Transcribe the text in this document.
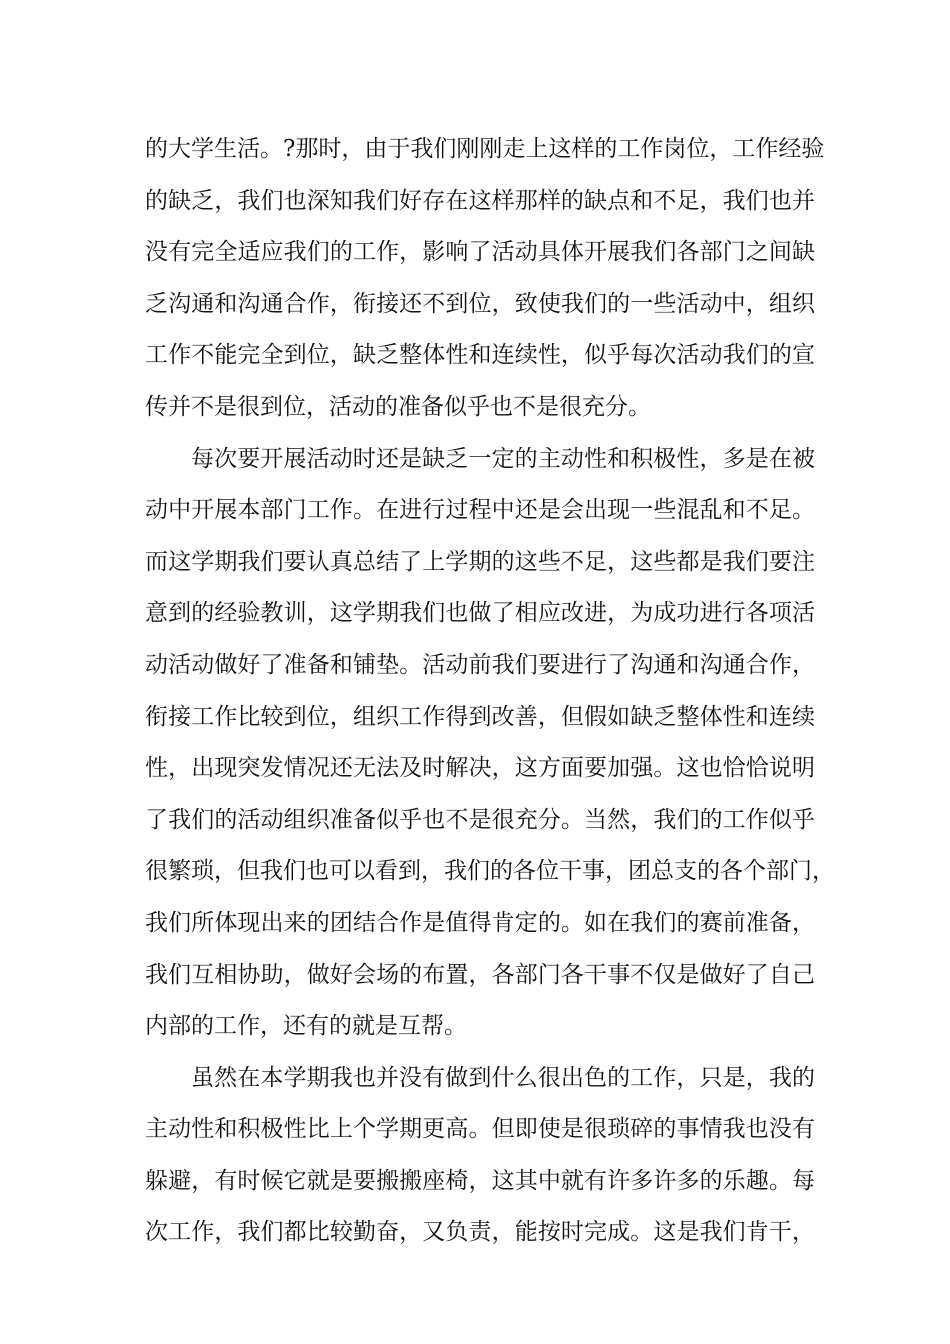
的大学生活。?那时，由于我们刚刚走上这样的工作岗位，工作经验
的缺乏，我们也深知我们好存在这样那样的缺点和不足，我们也并
没有完全适应我们的工作，影响了活动具体开展我们各部门之间缺
乏沟通和沟通合作，衔接还不到位，致使我们的一些活动中，组织
工作不能完全到位，缺乏整体性和连续性，似乎每次活动我们的宣
传并不是很到位，活动的准备似乎也不是很充分。
每次要开展活动时还是缺乏一定的主动性和积极性，多是在被
动中开展本部门工作。在进行过程中还是会出现一些混乱和不足。
而这学期我们要认真总结了上学期的这些不足，这些都是我们要注
意到的经验教训，这学期我们也做了相应改进，为成功进行各项活
动活动做好了准备和铺垫。活动前我们要进行了沟通和沟通合作，
衔接工作比较到位，组织工作得到改善，但假如缺乏整体性和连续
性，出现突发情况还无法及时解决，这方面要加强。这也恰恰说明
了我们的活动组织准备似乎也不是很充分。当然，我们的工作似乎
很繁琐，但我们也可以看到，我们的各位干事，团总支的各个部门，
我们所体现出来的团结合作是值得肯定的。如在我们的赛前准备，
我们互相协助，做好会场的布置，各部门各干事不仅是做好了自己
内部的工作，还有的就是互帮。
虽然在本学期我也并没有做到什么很出色的工作，只是，我的
主动性和积极性比上个学期更高。但即使是很琐碎的事情我也没有
躲避，有时候它就是要搬搬座椅，这其中就有许多许多的乐趣。每
次工作，我们都比较勤奋，又负责，能按时完成。这是我们肯干，
